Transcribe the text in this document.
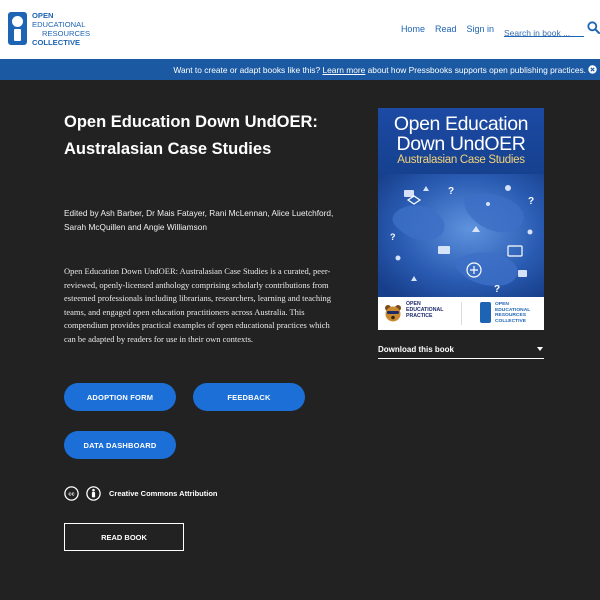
OPEN
EDUCATIONAL
RESOURCES
COLLECTIVE
Home Read Sign in
Search in book ...
Want to create or adapt books like this?
Learn more
about how Pressbooks supports open publishing practices.
Open Education Down UndOER: Australasian Case Studies

Edited by Ash Barber, Dr Mais Fatayer, Rani McLennan, Alice Luetchford, Sarah McQuillen and Angie Williamson

Open Education Down UndOER: Australasian Case Studies is a curated, peer-reviewed, openly-licensed anthology comprising scholarly contributions from esteemed professionals including librarians, researchers, learning and teaching teams, and engaged open education practitioners across Australia. This compendium provides practical examples of open educational practices which can be adapted by readers for use in their own contexts.

ADOPTION FORM	FEEDBACK
DATA DASHBOARD
cc	Creative Commons Attribution
READ BOOK
Open Education
Down UndOER
Australasian Case Studies
?
?
?
?
OPEN
EDUCATIONAL
PRACTICE
OPEN
EDUCATIONAL
RESOURCES
COLLECTIVE
Download this book
